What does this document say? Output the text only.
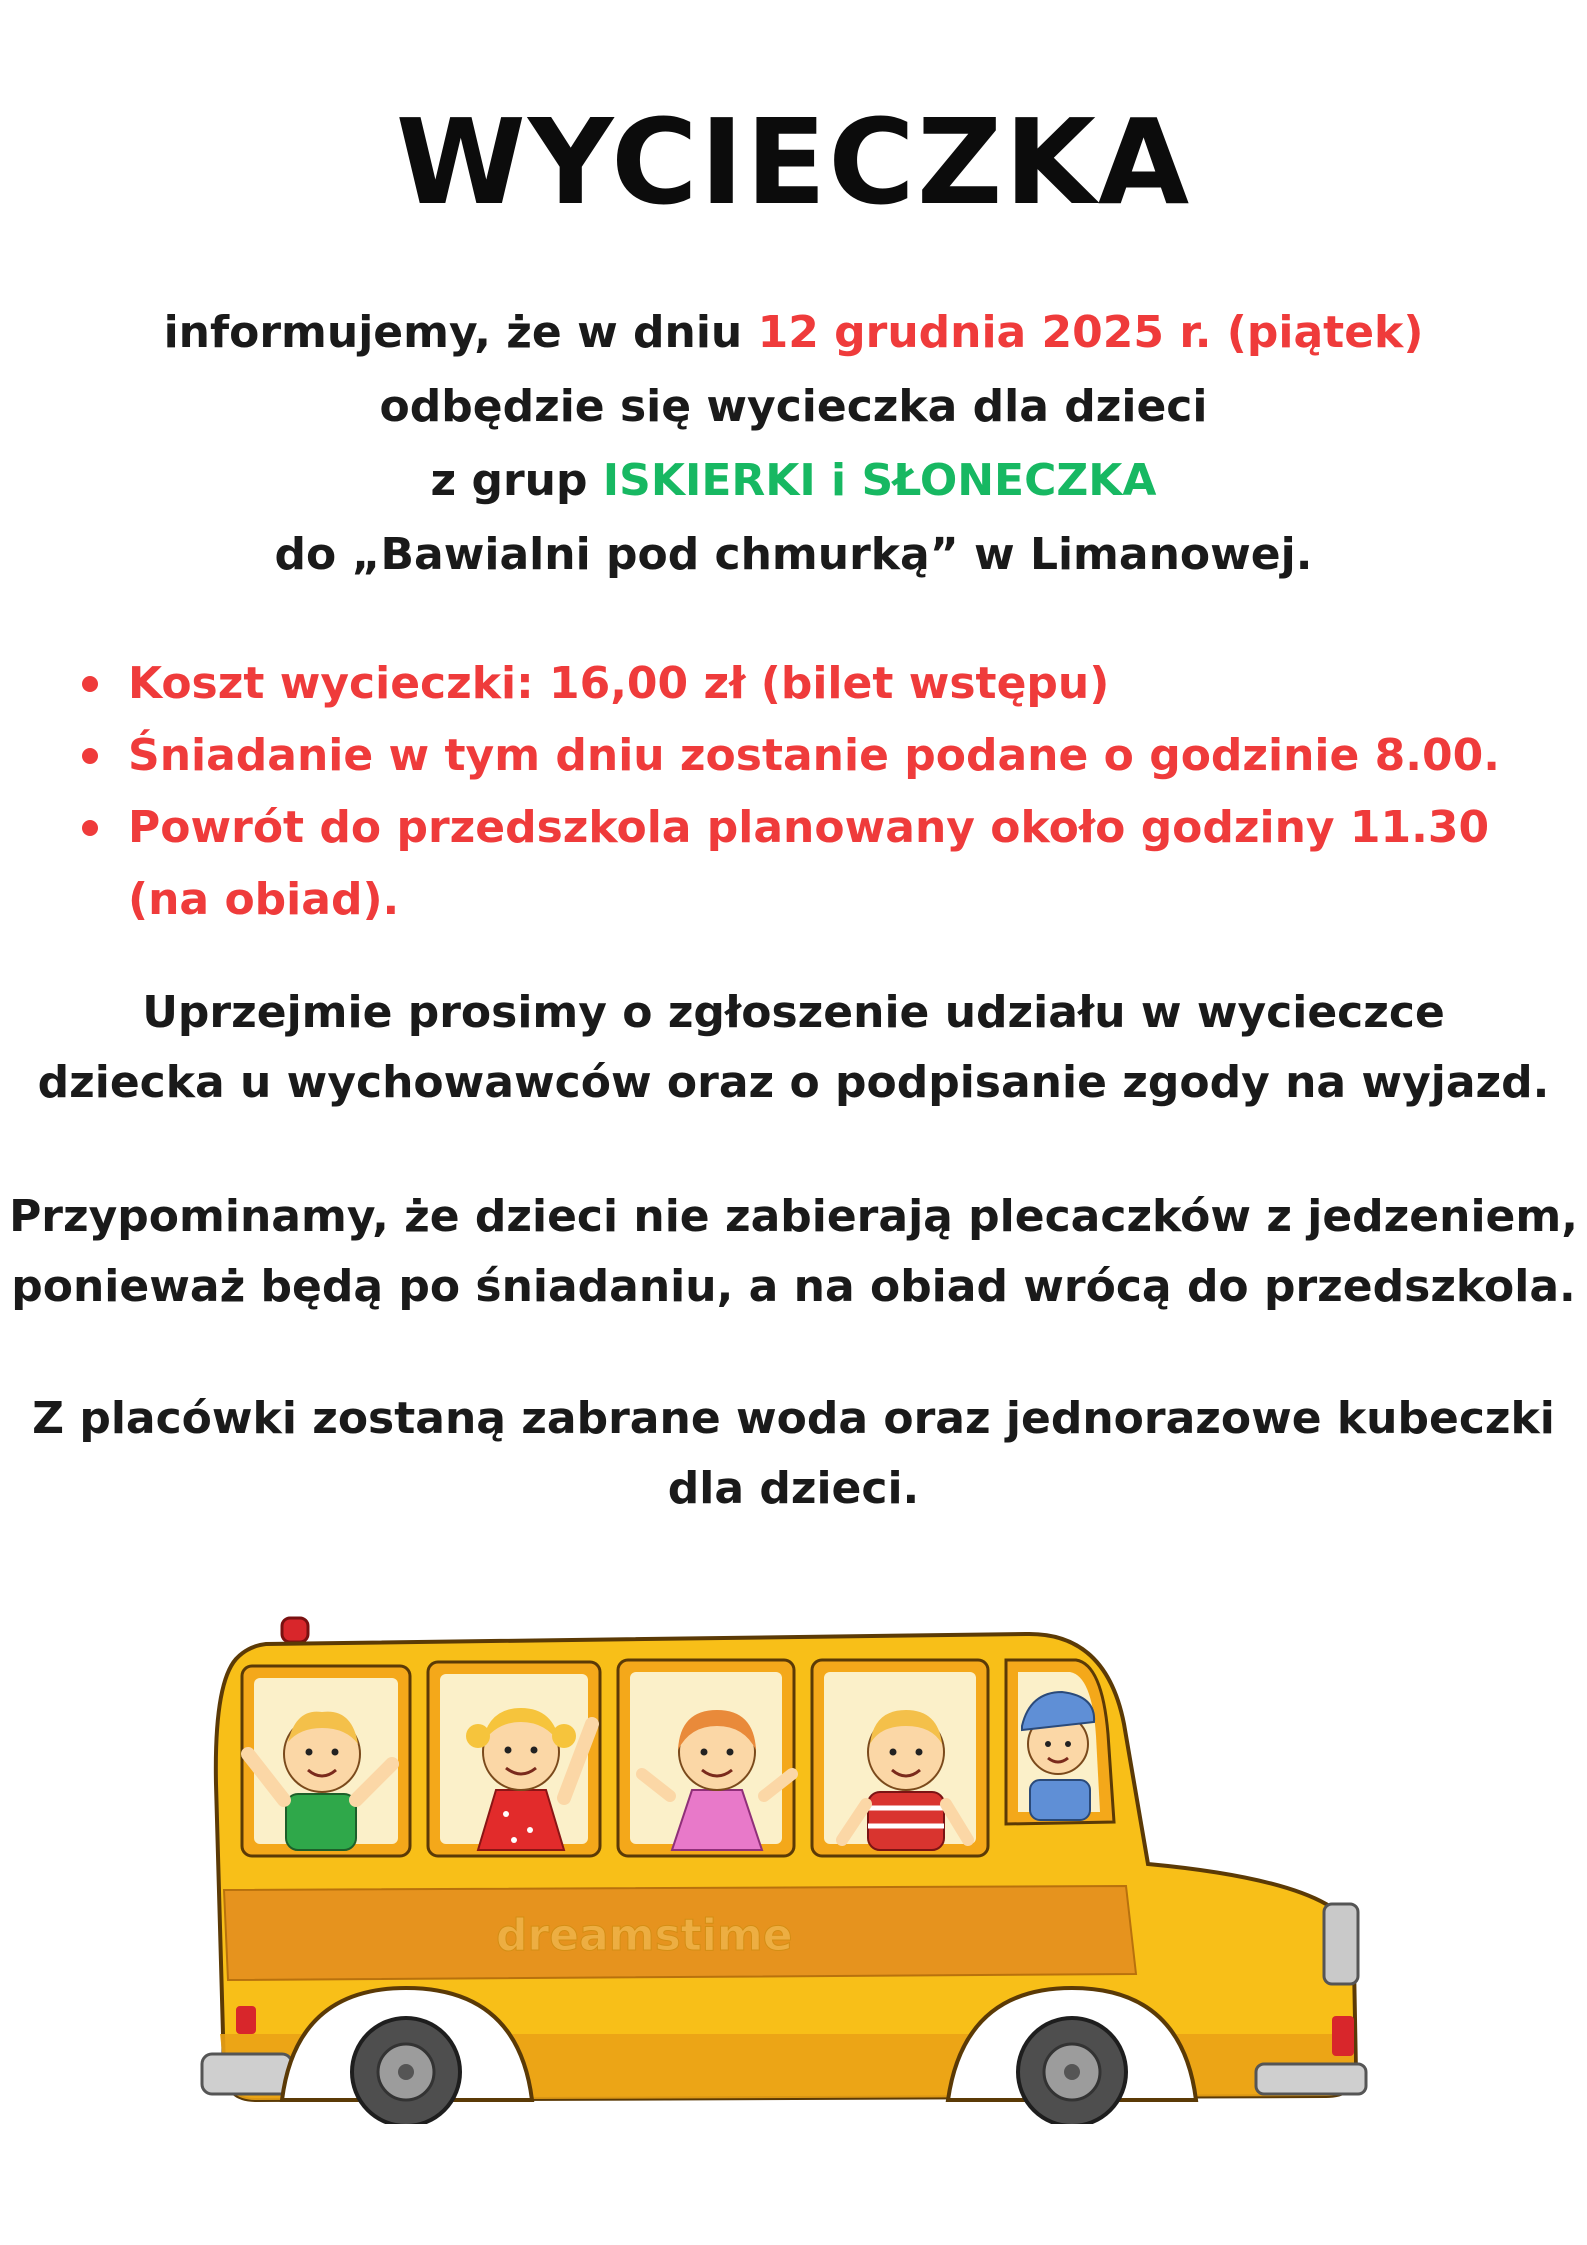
WYCIECZKA
informujemy, że w dniu 12 grudnia 2025 r. (piątek)
odbędzie się wycieczka dla dzieci
z grup ISKIERKI i SŁONECZKA
do „Bawialni pod chmurką” w Limanowej.
Koszt wycieczki: 16,00 zł (bilet wstępu)
Śniadanie w tym dniu zostanie podane o godzinie 8.00.
Powrót do przedszkola planowany około godziny 11.30 (na obiad).
Uprzejmie prosimy o zgłoszenie udziału w wycieczce
dziecka u wychowawców oraz o podpisanie zgody na wyjazd.
Przypominamy, że dzieci nie zabierają plecaczków z jedzeniem,
ponieważ będą po śniadaniu, a na obiad wrócą do przedszkola.
Z placówki zostaną zabrane woda oraz jednorazowe kubeczki
dla dzieci.
dreamstime
